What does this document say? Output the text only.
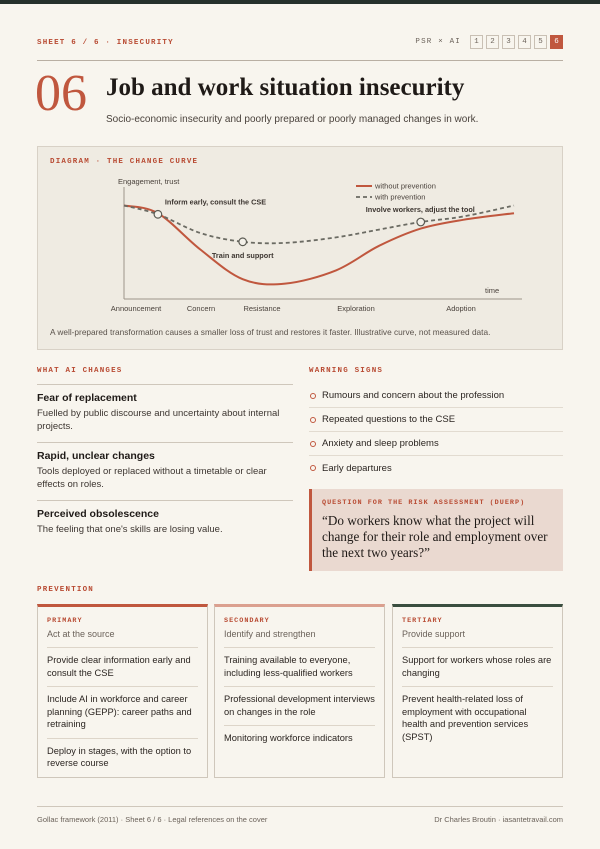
SHEET 6 / 6 · INSECURITY	PSR × AI	1	2	3	4	5	6
06 Job and work situation insecurity
Socio-economic insecurity and poorly prepared or poorly managed changes in work.
DIAGRAM · THE CHANGE CURVE
Engagement, trust
time
Announcement	Concern	Resistance	Exploration	Adoption
Inform early, consult the CSE
Train and support
Involve workers, adjust the tool
without prevention
with prevention
A well-prepared transformation causes a smaller loss of trust and restores it faster. Illustrative curve, not measured data.
WHAT AI CHANGES
Fear of replacement
Fuelled by public discourse and uncertainty about internal projects.
Rapid, unclear changes
Tools deployed or replaced without a timetable or clear effects on roles.
Perceived obsolescence
The feeling that one's skills are losing value.
WARNING SIGNS
Rumours and concern about the profession
Repeated questions to the CSE
Anxiety and sleep problems
Early departures
QUESTION FOR THE RISK ASSESSMENT (DUERP)
“Do workers know what the project will change for their role and employment over the next two years?”
PREVENTION
PRIMARY
Act at the source
Provide clear information early and consult the CSE
Include AI in workforce and career planning (GEPP): career paths and retraining
Deploy in stages, with the option to reverse course
SECONDARY
Identify and strengthen
Training available to everyone, including less-qualified workers
Professional development interviews on changes in the role
Monitoring workforce indicators
TERTIARY
Provide support
Support for workers whose roles are changing
Prevent health-related loss of employment with occupational health and prevention services (SPST)
Gollac framework (2011) · Sheet 6 / 6 · Legal references on the cover	Dr Charles Broutin · iasantetravail.com
